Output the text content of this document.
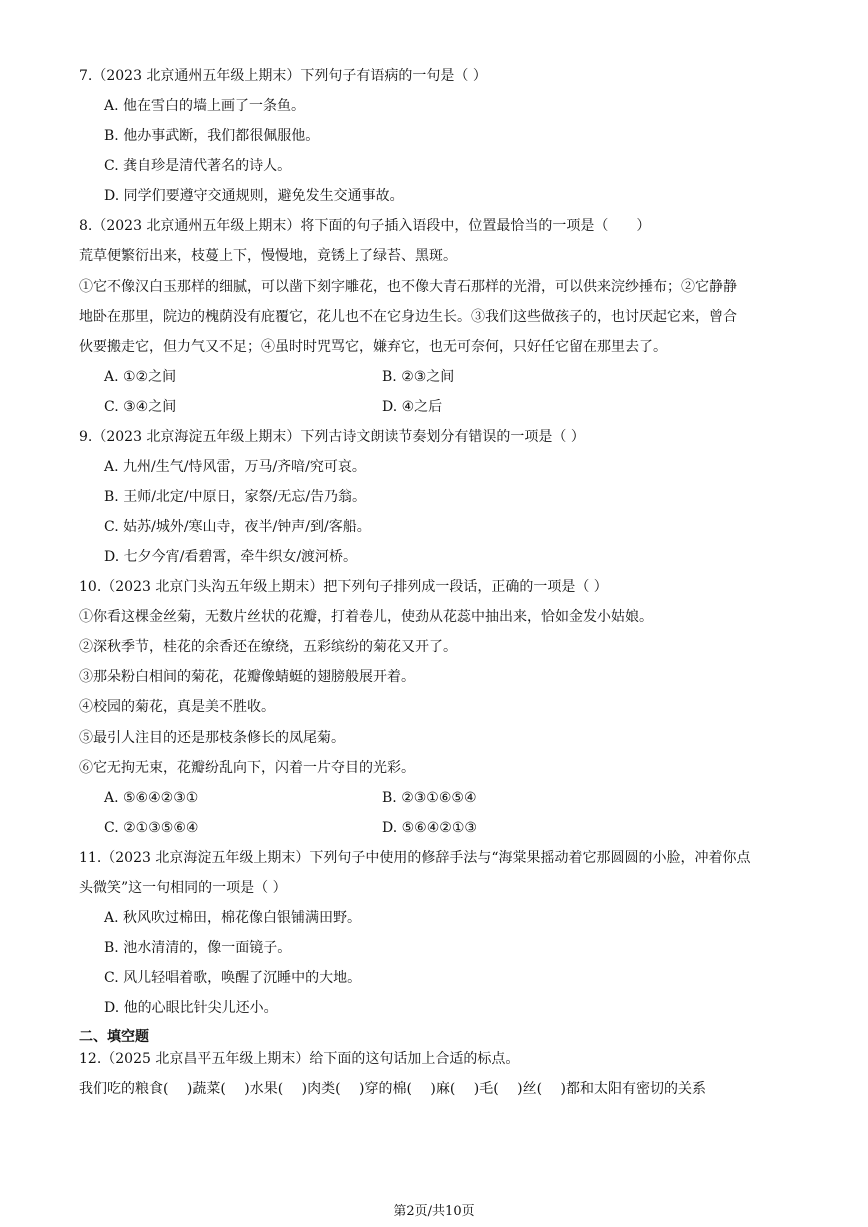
7.（2023 北京通州五年级上期末）下列句子有语病的一句是（ ）
A. 他在雪白的墙上画了一条鱼。
B. 他办事武断，我们都很佩服他。
C. 龚自珍是清代著名的诗人。
D. 同学们要遵守交通规则，避免发生交通事故。
8.（2023 北京通州五年级上期末）将下面的句子插入语段中，位置最恰当的一项是（　　）
荒草便繁衍出来，枝蔓上下，慢慢地，竟锈上了绿苔、黑斑。
①它不像汉白玉那样的细腻，可以凿下刻字雕花，也不像大青石那样的光滑，可以供来浣纱捶布；②它静静
地卧在那里，院边的槐荫没有庇覆它，花儿也不在它身边生长。③我们这些做孩子的，也讨厌起它来，曾合
伙要搬走它，但力气又不足；④虽时时咒骂它，嫌弃它，也无可奈何，只好任它留在那里去了。
A. ①②之间	B. ②③之间
C. ③④之间	D. ④之后
9.（2023 北京海淀五年级上期末）下列古诗文朗读节奏划分有错误的一项是（ ）
A. 九州/生气/恃风雷，万马/齐喑/究可哀。
B. 王师/北定/中原日，家祭/无忘/告乃翁。
C. 姑苏/城外/寒山寺，夜半/钟声/到/客船。
D. 七夕今宵/看碧霄，牵牛织女/渡河桥。
10.（2023 北京门头沟五年级上期末）把下列句子排列成一段话，正确的一项是（ ）
①你看这棵金丝菊，无数片丝状的花瓣，打着卷儿，使劲从花蕊中抽出来，恰如金发小姑娘。
②深秋季节，桂花的余香还在缭绕，五彩缤纷的菊花又开了。
③那朵粉白相间的菊花，花瓣像蜻蜓的翅膀般展开着。
④校园的菊花，真是美不胜收。
⑤最引人注目的还是那枝条修长的凤尾菊。
⑥它无拘无束，花瓣纷乱向下，闪着一片夺目的光彩。
A. ⑤⑥④②③①	B. ②③①⑥⑤④
C. ②①③⑤⑥④	D. ⑤⑥④②①③
11.（2023 北京海淀五年级上期末）下列句子中使用的修辞手法与“海棠果摇动着它那圆圆的小脸，冲着你点
头微笑”这一句相同的一项是（ ）
A. 秋风吹过棉田，棉花像白银铺满田野。
B. 池水清清的，像一面镜子。
C. 风儿轻唱着歌，唤醒了沉睡中的大地。
D. 他的心眼比针尖儿还小。
二、填空题
12.（2025 北京昌平五年级上期末）给下面的这句话加上合适的标点。
我们吃的粮食(　 )蔬菜(　 )水果(　 )肉类(　 )穿的棉(　 )麻(　 )毛(　 )丝(　 )都和太阳有密切的关系
第2页/共10页
